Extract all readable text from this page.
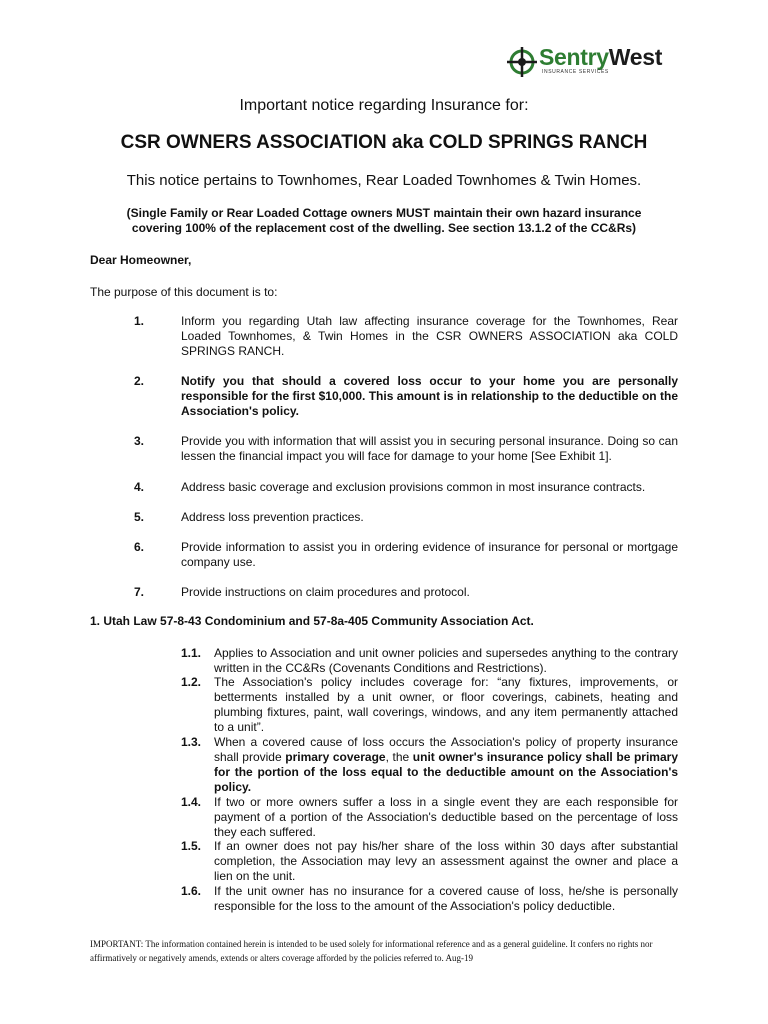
SentryWest
INSURANCE SERVICES
Important notice regarding Insurance for:
CSR OWNERS ASSOCIATION aka COLD SPRINGS RANCH
This notice pertains to Townhomes, Rear Loaded Townhomes & Twin Homes.
(Single Family or Rear Loaded Cottage owners MUST maintain their own hazard insurance
covering 100% of the replacement cost of the dwelling. See section 13.1.2 of the CC&Rs)
Dear Homeowner,
The purpose of this document is to:
1.	Inform you regarding Utah law affecting insurance coverage for the Townhomes, Rear Loaded Townhomes, & Twin Homes in the CSR OWNERS ASSOCIATION aka COLD SPRINGS RANCH.
2.	Notify you that should a covered loss occur to your home you are personally responsible for the first $10,000. This amount is in relationship to the deductible on the Association's policy.
3.	Provide you with information that will assist you in securing personal insurance. Doing so can lessen the financial impact you will face for damage to your home [See Exhibit 1].
4.	Address basic coverage and exclusion provisions common in most insurance contracts.
5.	Address loss prevention practices.
6.	Provide information to assist you in ordering evidence of insurance for personal or mortgage company use.
7.	Provide instructions on claim procedures and protocol.
1. Utah Law 57-8-43 Condominium and 57-8a-405 Community Association Act.
1.1. Applies to Association and unit owner policies and supersedes anything to the contrary written in the CC&Rs (Covenants Conditions and Restrictions).
1.2. The Association's policy includes coverage for: “any fixtures, improvements, or betterments installed by a unit owner, or floor coverings, cabinets, heating and plumbing fixtures, paint, wall coverings, windows, and any item permanently attached to a unit”.
1.3. When a covered cause of loss occurs the Association's policy of property insurance shall provide primary coverage, the unit owner's insurance policy shall be primary for the portion of the loss equal to the deductible amount on the Association's policy.
1.4. If two or more owners suffer a loss in a single event they are each responsible for payment of a portion of the Association's deductible based on the percentage of loss they each suffered.
1.5. If an owner does not pay his/her share of the loss within 30 days after substantial completion, the Association may levy an assessment against the owner and place a lien on the unit.
1.6. If the unit owner has no insurance for a covered cause of loss, he/she is personally responsible for the loss to the amount of the Association's policy deductible.
IMPORTANT: The information contained herein is intended to be used solely for informational reference and as a general guideline. It confers no rights nor affirmatively or negatively amends, extends or alters coverage afforded by the policies referred to. Aug-19
